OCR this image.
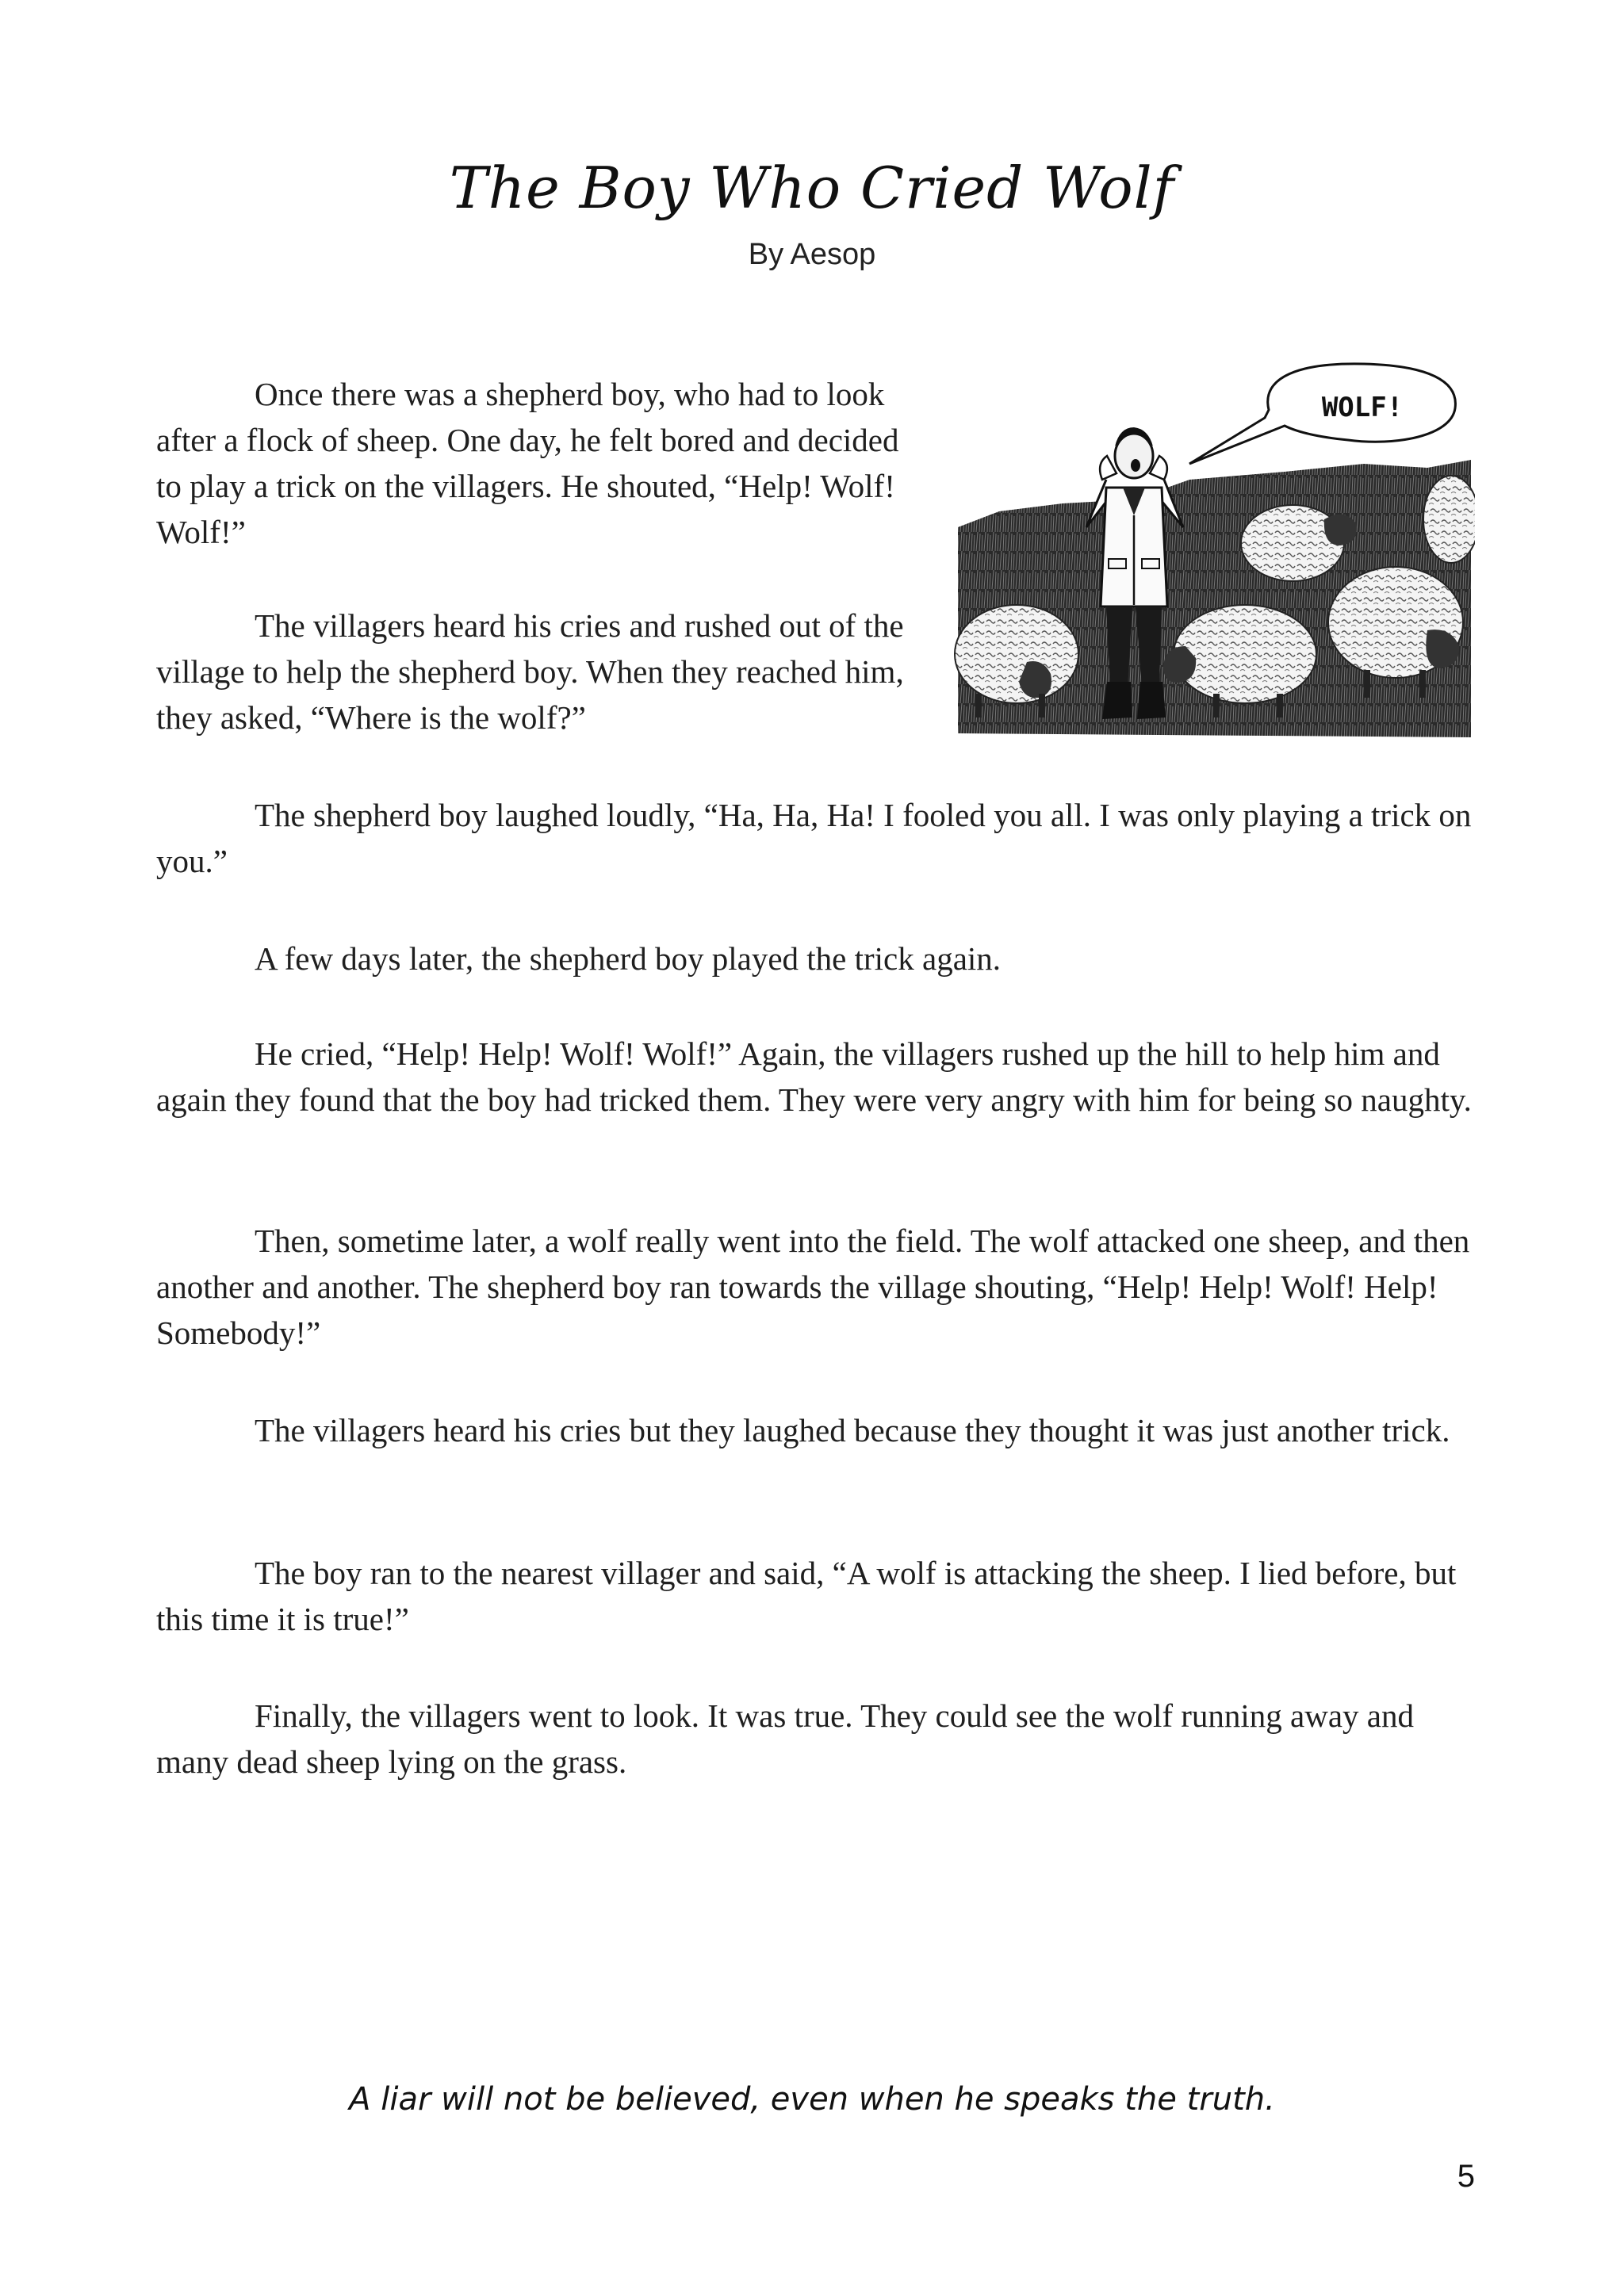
The Boy Who Cried Wolf
By Aesop

Once there was a shepherd boy, who had to look after a flock of sheep. One day, he felt bored and decided to play a trick on the villagers. He shouted, “Help! Wolf! Wolf!”

The villagers heard his cries and rushed out of the village to help the shepherd boy. When they reached him, they asked, “Where is the wolf?”

The shepherd boy laughed loudly, “Ha, Ha, Ha! I fooled you all. I was only playing a trick on you.”

A few days later, the shepherd boy played the trick again.

He cried, “Help! Help! Wolf! Wolf!” Again, the villagers rushed up the hill to help him and again they found that the boy had tricked them. They were very angry with him for being so naughty.

Then, sometime later, a wolf really went into the field. The wolf attacked one sheep, and then another and another. The shepherd boy ran towards the village shouting, “Help! Help! Wolf! Help! Somebody!”

The villagers heard his cries but they laughed because they thought it was just another trick.

The boy ran to the nearest villager and said, “A wolf is attacking the sheep. I lied before, but this time it is true!”

Finally, the villagers went to look. It was true. They could see the wolf running away and many dead sheep lying on the grass.

WOLF!
A liar will not be believed, even when he speaks the truth.
5
